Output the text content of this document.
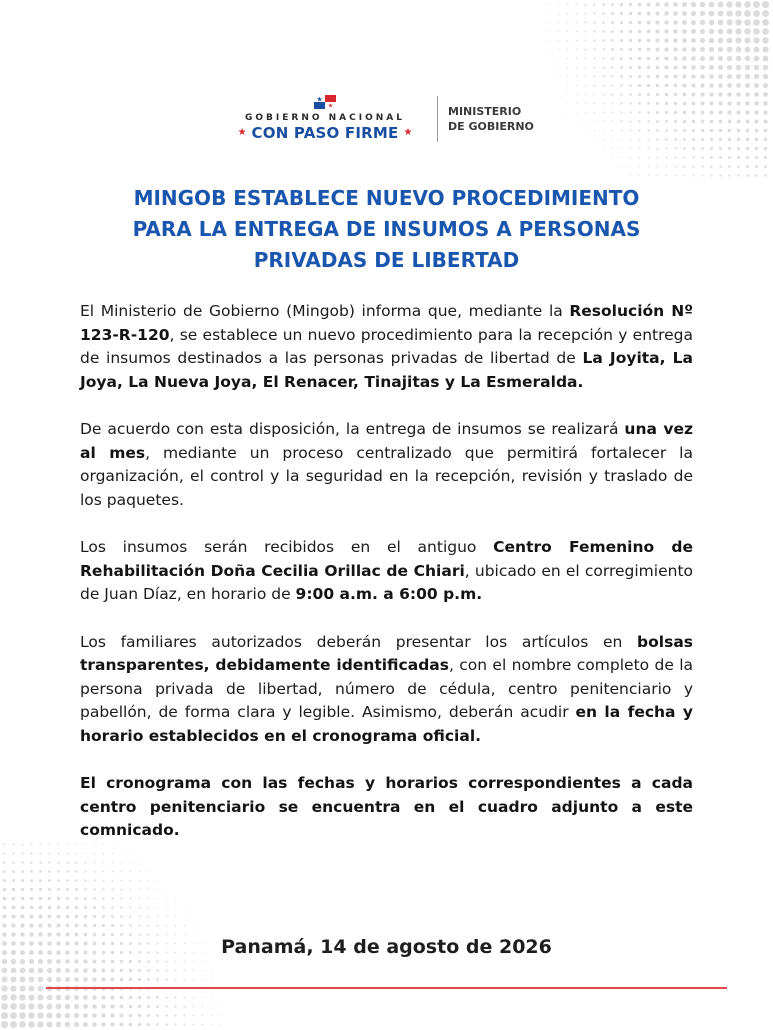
GOBIERNO NACIONAL
★ CON PASO FIRME ★
MINISTERIO
DE GOBIERNO
MINGOB ESTABLECE NUEVO PROCEDIMIENTO
PARA LA ENTREGA DE INSUMOS A PERSONAS
PRIVADAS DE LIBERTAD

El Ministerio de Gobierno (Mingob) informa que, mediante la Resolución Nº 123-R-120, se establece un nuevo procedimiento para la recepción y entrega de insumos destinados a las personas privadas de libertad de La Joyita, La Joya, La Nueva Joya, El Renacer, Tinajitas y La Esmeralda.

De acuerdo con esta disposición, la entrega de insumos se realizará una vez al mes, mediante un proceso centralizado que permitirá fortalecer la organización, el control y la seguridad en la recepción, revisión y traslado de los paquetes.

Los insumos serán recibidos en el antiguo Centro Femenino de Rehabilitación Doña Cecilia Orillac de Chiari, ubicado en el corregimiento de Juan Díaz, en horario de 9:00 a.m. a 6:00 p.m.

Los familiares autorizados deberán presentar los artículos en bolsas transparentes, debidamente identificadas, con el nombre completo de la persona privada de libertad, número de cédula, centro penitenciario y pabellón, de forma clara y legible. Asimismo, deberán acudir en la fecha y horario establecidos en el cronograma oficial.

El cronograma con las fechas y horarios correspondientes a cada centro penitenciario se encuentra en el cuadro adjunto a este comnicado.

Panamá, 14 de agosto de 2026
